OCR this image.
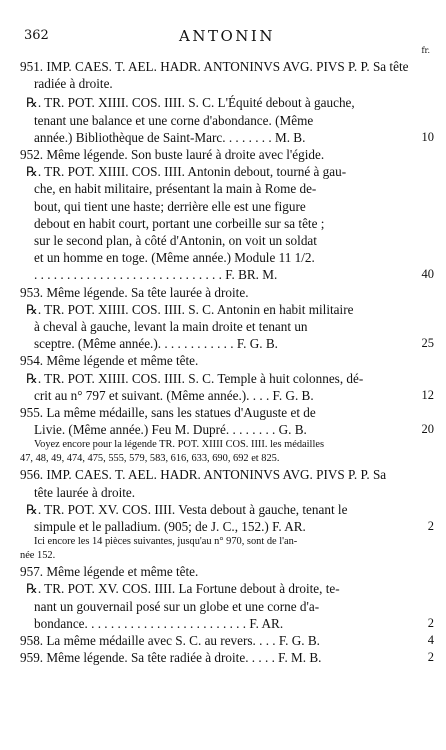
362	ANTONIN
fr.
951. IMP. CAES. T. AEL. HADR. ANTONINVS AVG. PIVS P. P. Sa tête
radiée à droite.
℞. TR. POT. XIIII. COS. IIII. S. C. L'Équité debout à gauche,
tenant une balance et une corne d'abondance. (Même
année.) Bibliothèque de Saint-Marc. . . . . . . . M. B.	10
952. Même légende. Son buste lauré à droite avec l'égide.
℞. TR. POT. XIIII. COS. IIII. Antonin debout, tourné à gau-
che, en habit militaire, présentant la main à Rome de-
bout, qui tient une haste; derrière elle est une figure
debout en habit court, portant une corbeille sur sa tête ;
sur le second plan, à côté d'Antonin, on voit un soldat
et un homme en toge. (Même année.) Module 11 1/2.
. . . . . . . . . . . . . . . . . . . . . . . . . . . . . F. BR. M.	40
953. Même légende. Sa tête laurée à droite.
℞. TR. POT. XIIII. COS. IIII. S. C. Antonin en habit militaire
à cheval à gauche, levant la main droite et tenant un
sceptre. (Même année.). . . . . . . . . . . . F. G. B.	25
954. Même légende et même tête.
℞. TR. POT. XIIII. COS. IIII. S. C. Temple à huit colonnes, dé-
crit au n° 797 et suivant. (Même année.). . . . F. G. B.	12
955. La même médaille, sans les statues d'Auguste et de
Livie. (Même année.) Feu M. Dupré. . . . . . . . G. B.	20
Voyez encore pour la légende TR. POT. XIIII COS. IIII. les médailles
47, 48, 49, 474, 475, 555, 579, 583, 616, 633, 690, 692 et 825.
956. IMP. CAES. T. AEL. HADR. ANTONINVS AVG. PIVS P. P. Sa
tête laurée à droite.
℞. TR. POT. XV. COS. IIII. Vesta debout à gauche, tenant le
simpule et le palladium. (905; de J. C., 152.) F. AR.	2
Ici encore les 14 pièces suivantes, jusqu'au n° 970, sont de l'an-
née 152.
957. Même légende et même tête.
℞. TR. POT. XV. COS. IIII. La Fortune debout à droite, te-
nant un gouvernail posé sur un globe et une corne d'a-
bondance. . . . . . . . . . . . . . . . . . . . . . . . . F. AR.	2
958. La même médaille avec S. C. au revers. . . . F. G. B.	4
959. Même légende. Sa tête radiée à droite. . . . . F. M. B.	2
